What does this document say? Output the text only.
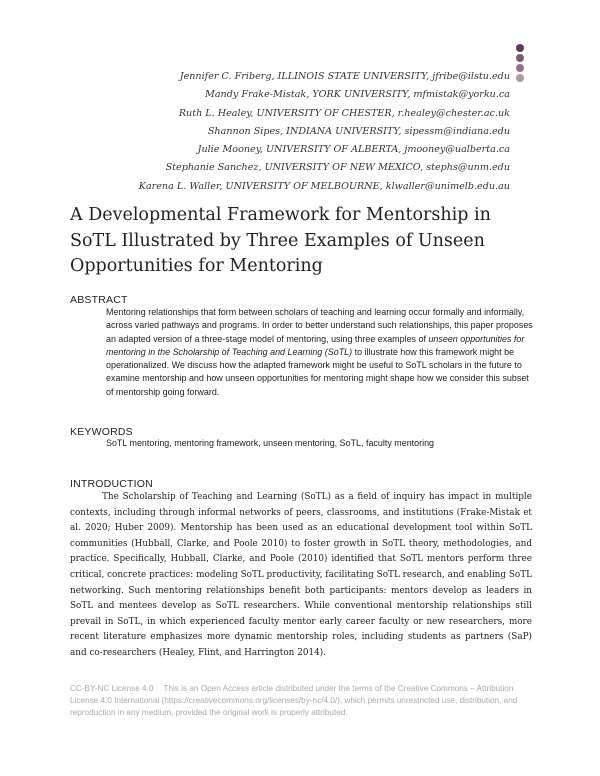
Jennifer C. Friberg, ILLINOIS STATE UNIVERSITY, jfribe@ilstu.edu
Mandy Frake-Mistak, YORK UNIVERSITY, mfmistak@yorku.ca
Ruth L. Healey, UNIVERSITY OF CHESTER, r.healey@chester.ac.uk
Shannon Sipes, INDIANA UNIVERSITY, sipessm@indiana.edu
Julie Mooney, UNIVERSITY OF ALBERTA, jmooney@ualberta.ca
Stephanie Sanchez, UNIVERSITY OF NEW MEXICO, stephs@unm.edu
Karena L. Waller, UNIVERSITY OF MELBOURNE, klwaller@unimelb.edu.au
A Developmental Framework for Mentorship in SoTL Illustrated by Three Examples of Unseen Opportunities for Mentoring
ABSTRACT
Mentoring relationships that form between scholars of teaching and learning occur formally and informally, across varied pathways and programs. In order to better understand such relationships, this paper proposes an adapted version of a three-stage model of mentoring, using three examples of unseen opportunities for mentoring in the Scholarship of Teaching and Learning (SoTL) to illustrate how this framework might be operationalized. We discuss how the adapted framework might be useful to SoTL scholars in the future to examine mentorship and how unseen opportunities for mentoring might shape how we consider this subset of mentorship going forward.
KEYWORDS
SoTL mentoring, mentoring framework, unseen mentoring, SoTL, faculty mentoring
INTRODUCTION

The Scholarship of Teaching and Learning (SoTL) as a field of inquiry has impact in multiple contexts, including through informal networks of peers, classrooms, and institutions (Frake-Mistak et al. 2020; Huber 2009). Mentorship has been used as an educational development tool within SoTL communities (Hubball, Clarke, and Poole 2010) to foster growth in SoTL theory, methodologies, and practice. Specifically, Hubball, Clarke, and Poole (2010) identified that SoTL mentors perform three critical, concrete practices: modeling SoTL productivity, facilitating SoTL research, and enabling SoTL networking. Such mentoring relationships benefit both participants: mentors develop as leaders in SoTL and mentees develop as SoTL researchers. While conventional mentorship relationships still prevail in SoTL, in which experienced faculty mentor early career faculty or new researchers, more recent literature emphasizes more dynamic mentorship roles, including students as partners (SaP) and co-researchers (Healey, Flint, and Harrington 2014).

CC-BY-NC License 4.0 This is an Open Access article distributed under the terms of the Creative Commons – Attribution License 4.0 International (https://creativecommons.org/licenses/by-nc/4.0/), which permits unrestricted use, distribution, and reproduction in any medium, provided the original work is properly attributed.
